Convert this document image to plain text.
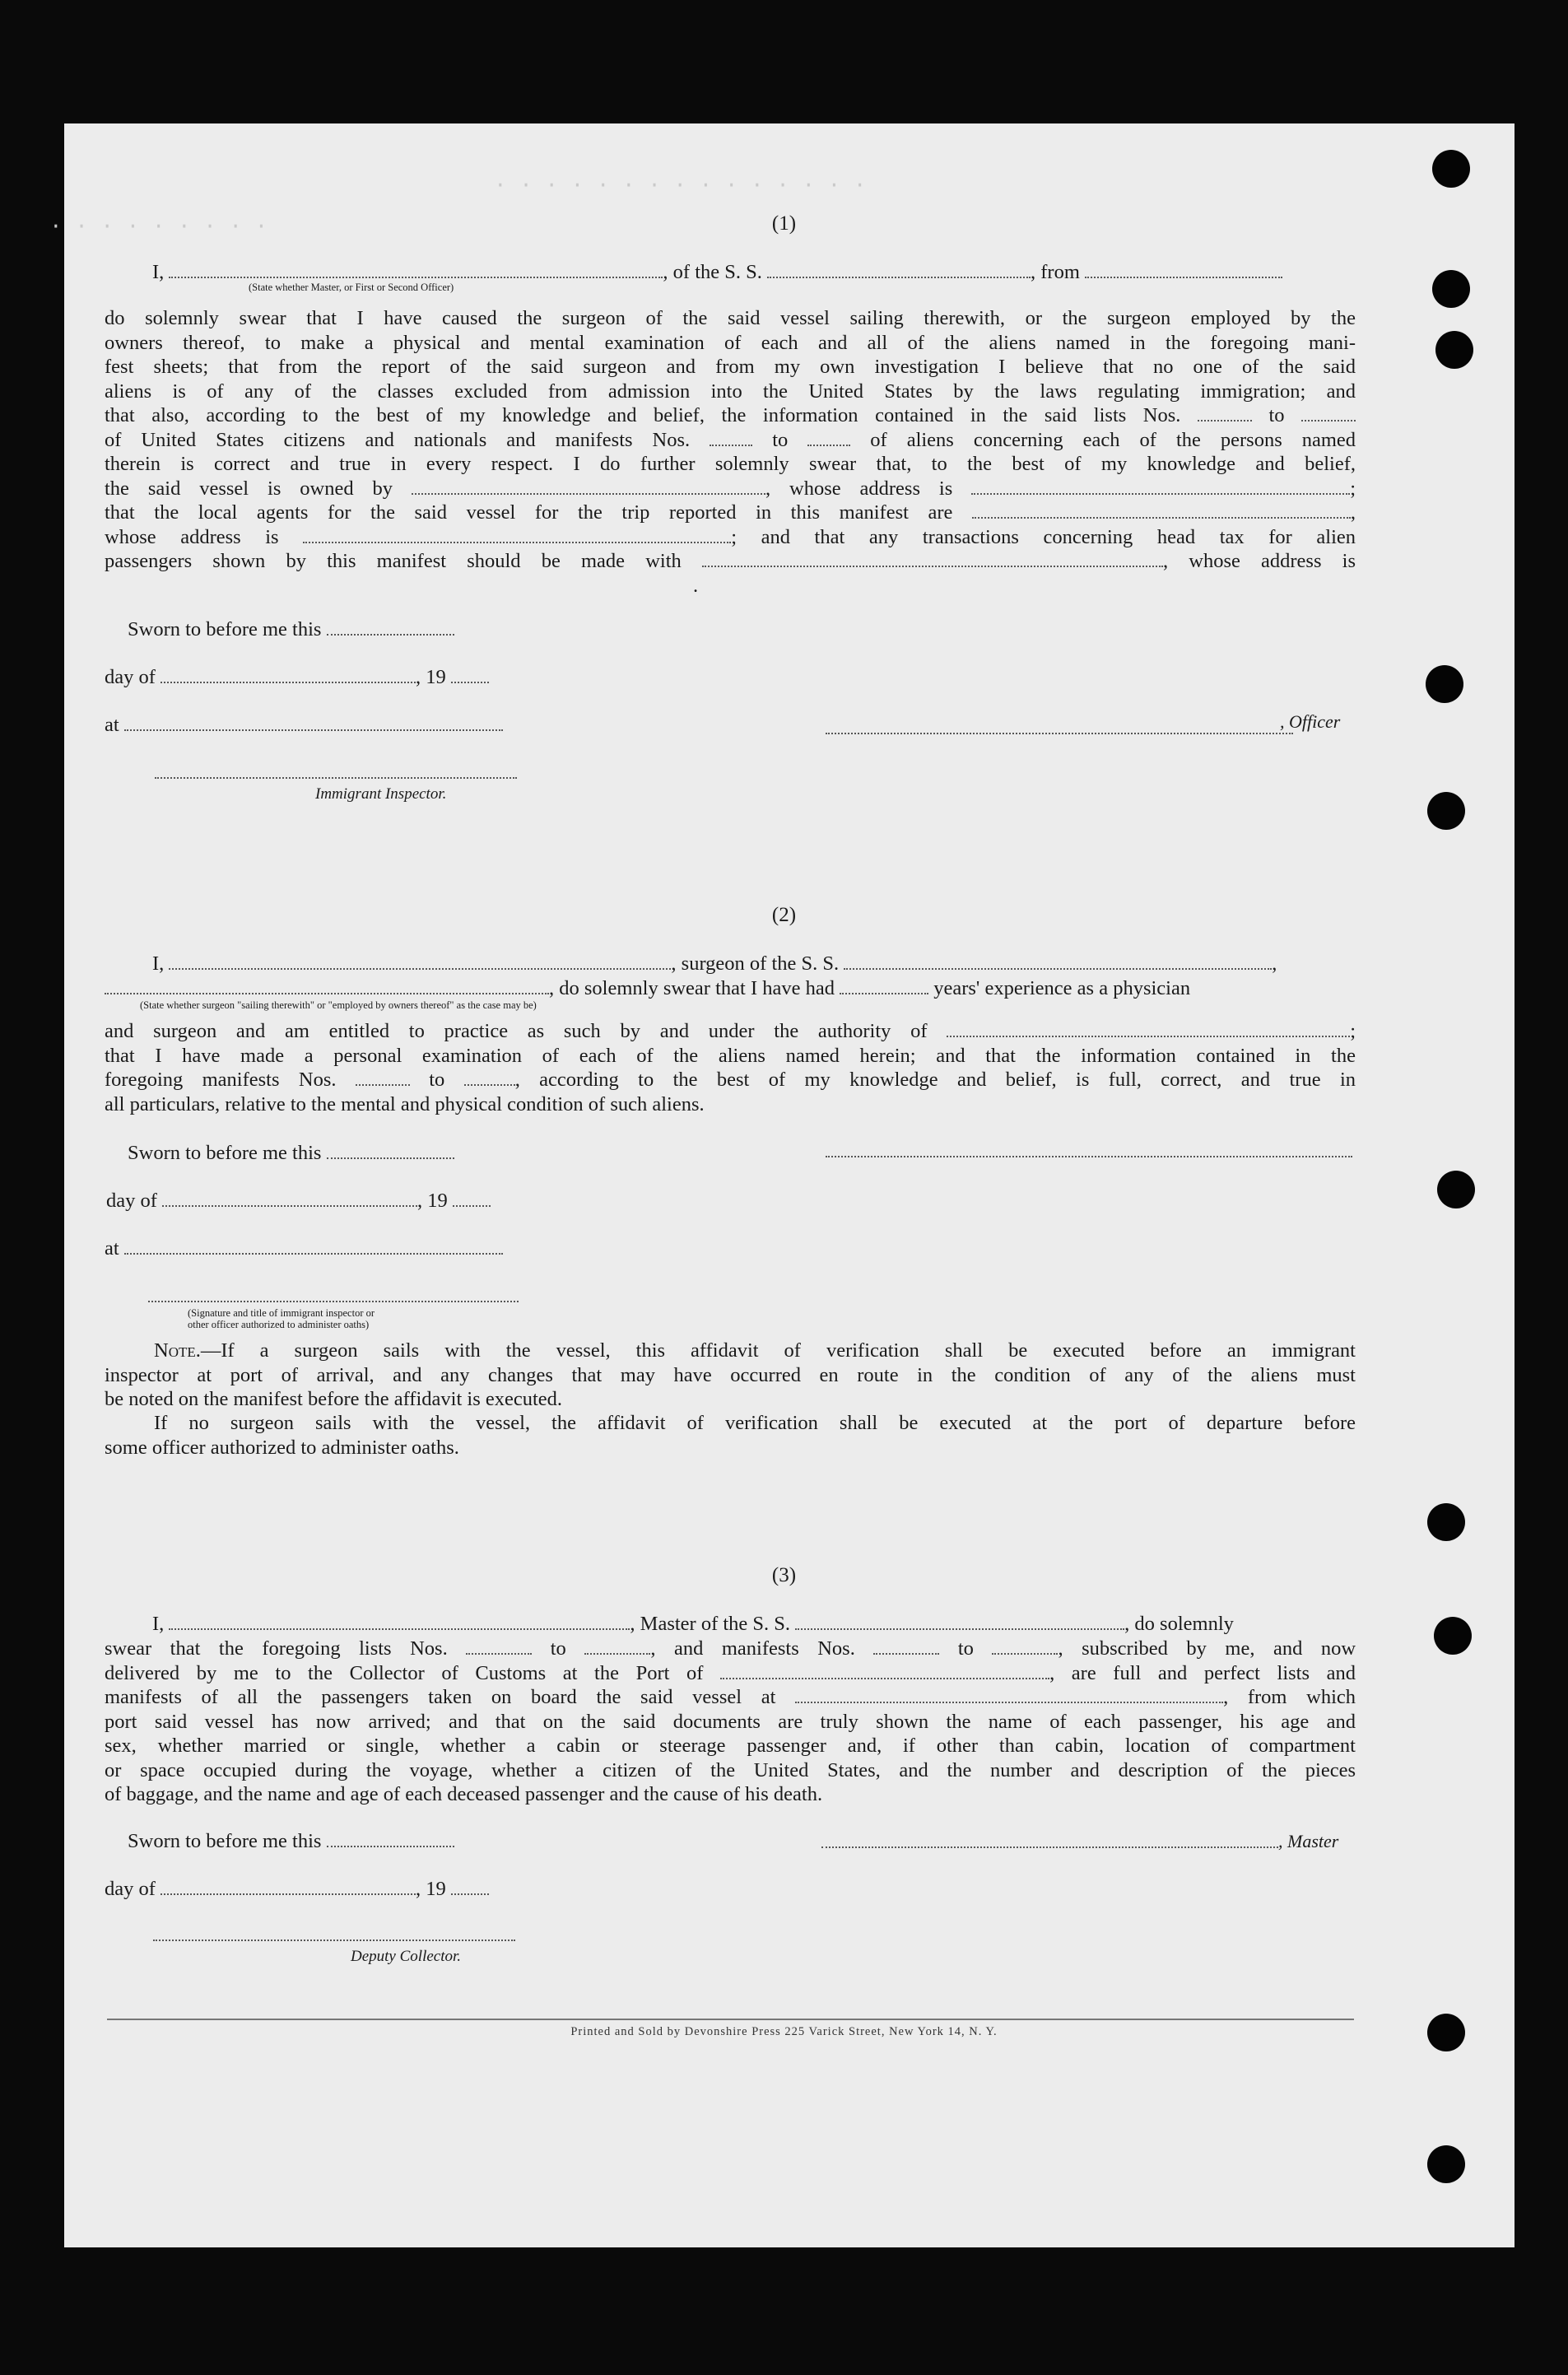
· · · · · · · · · · · · · · ·
· · · · · · · · ·	(1)
I,	, of the S. S.	, from
(State whether Master, or First or Second Officer)
do solemnly swear that I have caused the surgeon of the said vessel sailing therewith, or the surgeon employed by the
owners thereof, to make a physical and mental examination of each and all of the aliens named in the foregoing mani-
fest sheets; that from the report of the said surgeon and from my own investigation I believe that no one of the said
aliens is of any of the classes excluded from admission into the United States by the laws regulating immigration; and
that also, according to the best of my knowledge and belief, the information contained in the said lists Nos.	to
of United States citizens and nationals and manifests Nos.	to	of aliens concerning each of the persons named
therein is correct and true in every respect. I do further solemnly swear that, to the best of my knowledge and belief,
the said vessel is owned by	, whose address is	;
that the local agents for the said vessel for the trip reported in this manifest are	,
whose address is	; and that any transactions concerning head tax for alien
passengers shown by this manifest should be made with	, whose address is
.
Sworn to before me this
day of	, 19
at	, Officer
Immigrant Inspector.
(2)
I,	, surgeon of the S. S.	,
, do solemnly swear that I have had	years' experience as a physician
(State whether surgeon "sailing therewith" or "employed by owners thereof" as the case may be)
and surgeon and am entitled to practice as such by and under the authority of	;
that I have made a personal examination of each of the aliens named herein; and that the information contained in the
foregoing manifests Nos.	to	, according to the best of my knowledge and belief, is full, correct, and true in
all particulars, relative to the mental and physical condition of such aliens.
Sworn to before me this
day of	, 19
at
(Signature and title of immigrant inspector or
other officer authorized to administer oaths)
Note.—If a surgeon sails with the vessel, this affidavit of verification shall be executed before an immigrant
inspector at port of arrival, and any changes that may have occurred en route in the condition of any of the aliens must
be noted on the manifest before the affidavit is executed.
If no surgeon sails with the vessel, the affidavit of verification shall be executed at the port of departure before
some officer authorized to administer oaths.
(3)
I,	, Master of the S. S.	, do solemnly
swear that the foregoing lists Nos.	to	, and manifests Nos.	to	, subscribed by me, and now
delivered by me to the Collector of Customs at the Port of	, are full and perfect lists and
manifests of all the passengers taken on board the said vessel at	, from which
port said vessel has now arrived; and that on the said documents are truly shown the name of each passenger, his age and
sex, whether married or single, whether a cabin or steerage passenger and, if other than cabin, location of compartment
or space occupied during the voyage, whether a citizen of the United States, and the number and description of the pieces
of baggage, and the name and age of each deceased passenger and the cause of his death.
Sworn to before me this	, Master
day of	, 19
Deputy Collector.
Printed and Sold by Devonshire Press 225 Varick Street, New York 14, N. Y.
